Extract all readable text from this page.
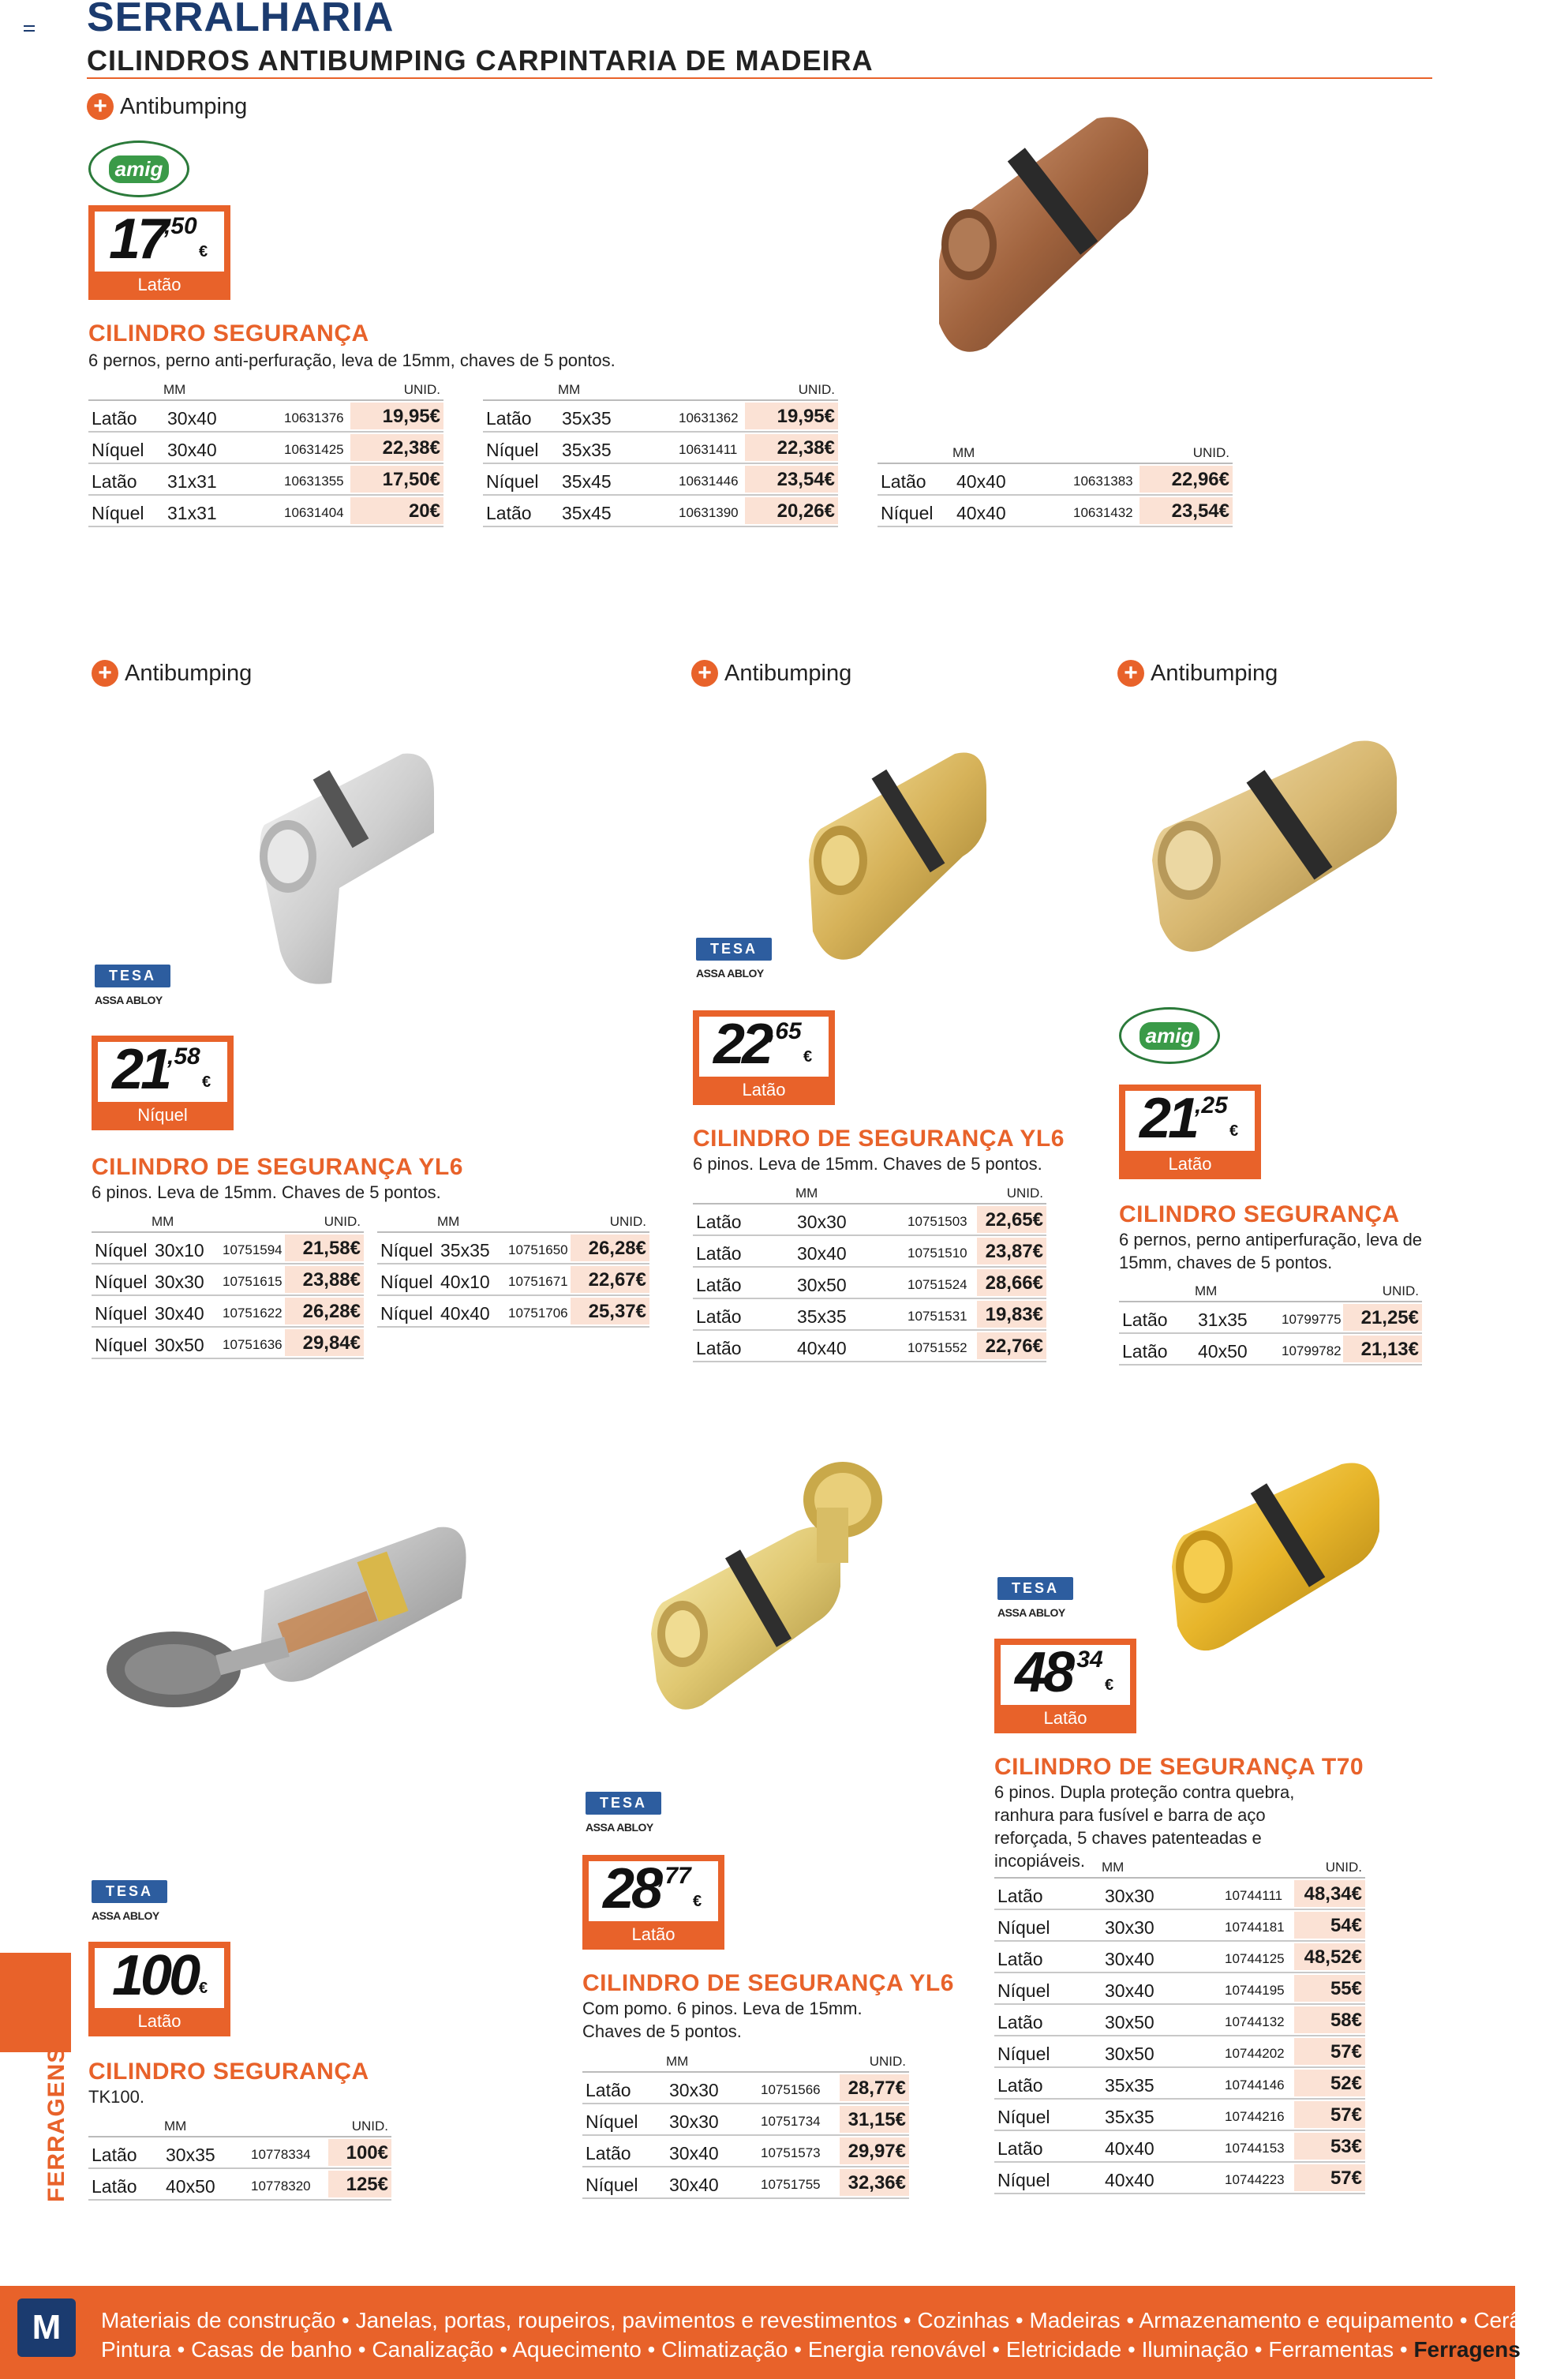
SERRALHARIA
CILINDROS ANTIBUMPING CARPINTARIA DE MADEIRA
FERRAGENS
+ Antibumping
amig
17
,50
€
Latão
CILINDRO SEGURANÇA
6 pernos, perno anti-perfuração, leva de 15mm, chaves de 5 pontos.
MM	UNID.
Latão 30x40	10631376	19,95€
Níquel 30x40	10631425	22,38€
Latão 31x31	10631355	17,50€
Níquel 31x31	10631404	20€
MM	UNID.
Latão 35x35	10631362	19,95€
Níquel 35x35	10631411	22,38€
Níquel 35x45	10631446	23,54€
Latão 35x45	10631390	20,26€
MM	UNID.
Latão 40x40	10631383	22,96€
Níquel 40x40	10631432	23,54€
+ Antibumping
TESA
ASSA ABLOY
21
,58
€
Níquel
CILINDRO DE SEGURANÇA YL6
6 pinos. Leva de 15mm. Chaves de 5 pontos.
MM	UNID.
Níquel 30x10 10751594	21,58€
Níquel 30x30 10751615	23,88€
Níquel 30x40 10751622	26,28€
Níquel 30x50 10751636	29,84€
MM	UNID.
Níquel 35x35 10751650	26,28€
Níquel 40x10 10751671	22,67€
Níquel 40x40 10751706	25,37€
+ Antibumping
TESA
ASSA ABLOY
22
,65
€
Latão
CILINDRO DE SEGURANÇA YL6
6 pinos. Leva de 15mm. Chaves de 5 pontos.
MM	UNID.
Latão	30x30	10751503 22,65€
Latão	30x40	10751510 23,87€
Latão	30x50	10751524 28,66€
Latão	35x35	10751531 19,83€
Latão	40x40	10751552 22,76€
+ Antibumping
amig
21
,25
€
Latão
CILINDRO SEGURANÇA
6 pernos, perno antiperfuração, leva de 15mm, chaves de 5 pontos.
MM	UNID.
Latão 31x35	10799775	21,25€
Latão 40x50	10799782	21,13€
TESA
ASSA ABLOY
100 €
Latão
CILINDRO SEGURANÇA
TK100.
MM	UNID.
Latão 30x35	10778334	100€
Latão 40x50	10778320	125€
TESA
ASSA ABLOY
28
,77
€
Latão
CILINDRO DE SEGURANÇA YL6
Com pomo. 6 pinos. Leva de 15mm. Chaves de 5 pontos.
MM	UNID.
Latão 30x30	10751566	28,77€
Níquel 30x30	10751734	31,15€
Latão 30x40	10751573	29,97€
Níquel 30x40	10751755	32,36€
TESA
ASSA ABLOY
48
,34
€
Latão
CILINDRO DE SEGURANÇA T70
6 pinos. Dupla proteção contra quebra, ranhura para fusível e barra de aço reforçada, 5 chaves patenteadas e incopiáveis.	MM	UNID.
Latão	30x30	10744111	48,34€
Níquel	30x30	10744181	54€
Latão	30x40	10744125	48,52€
Níquel	30x40	10744195	55€
Latão	30x50	10744132	58€
Níquel	30x50	10744202	57€
Latão	35x35	10744146	52€
Níquel	35x35	10744216	57€
Latão	40x40	10744153	53€
Níquel	40x40	10744223	57€
M	Materiais de construção • Janelas, portas, roupeiros, pavimentos e revestimentos • Cozinhas • Madeiras • Armazenamento e equipamento • Cerâmica
Pintura • Casas de banho • Canalização • Aquecimento • Climatização • Energia renovável • Eletricidade • Iluminação • Ferramentas • Ferragens
